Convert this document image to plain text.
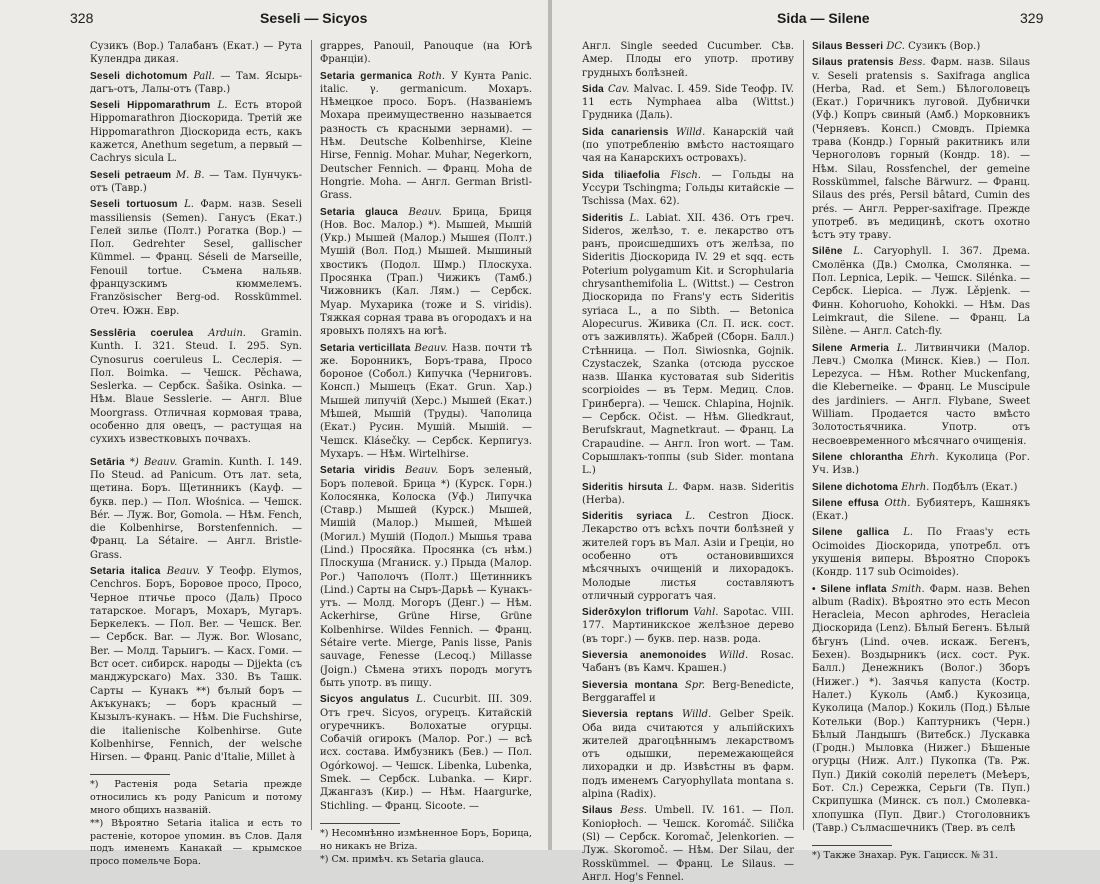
328	Seseli — Sicyos

Сузикъ (Вор.) Талабанъ (Екат.) — Рута Кулендра дикая.

Seseli dichotomum Pall. — Там. Ясырь-дагъ-отъ, Лалы-отъ (Тавр.)

Seseli Hippomarathrum L. Есть второй Hippomarathron Діоскорида. Третій же Hippomarathron Діоскорида есть, какъ кажется, Anethum segetum, а первый — Cachrys sicula L.

Seseli petraeum M. B. — Там. Пунчукъ-отъ (Тавр.)

Seseli tortuosum L. Фарм. назв. Seseli massiliensis (Semen). Ганусъ (Екат.) Гелей зилье (Полт.) Рогатка (Вор.) — Пол. Gedrehter Sesel, gallischer Kümmel. — Франц. Séseli de Marseille, Fenouil tortue. Съмена нальяв. французскимъ кюммелемъ. Französischer Berg-od. Rosskümmel. Отеч. Южн. Евр.

Sesslēria coerulea Arduin. Gramin. Kunth. I. 321. Steud. I. 295. Syn. Cynosurus coeruleus L. Сеслерія. — Пол. Boimka. — Чешск. Pěchawa, Seslerka. — Сербск. Šašika. Osinka. — Нѣм. Blaue Sesslerie. — Англ. Blue Moorgrass. Отличная кормовая трава, особенно для овецъ, — растущая на сухихъ известковыхъ почвахъ.

Setāria *) Beauv. Gramin. Kunth. I. 149. По Steud. ad Panicum. Отъ лат. seta, щетина. Боръ. Щетинникъ (Кауф. — букв. пер.) — Пол. Włośnica. — Чешск. Bér. — Луж. Bor, Gomola. — Нѣм. Fench, die Kolbenhirse, Borstenfennich. — Франц. La Sétaire. — Англ. Bristle-Grass.

Setaria italica Beauv. У Теофр. Elymos, Cenchros. Боръ, Боровое просо, Просо, Черное птичье просо (Даль) Просо татарское. Могаръ, Мохаръ, Мугаръ. Беркелекъ. — Пол. Ber. — Чешск. Ber. — Сербск. Bar. — Луж. Bor. Wlosanc, Ber. — Молд. Тарыигъ. — Касх. Гоми. — Вст осет. сибирск. народы — Djjekta (съ манджурскаго) Max. 330. Въ Ташк. Сарты — Кунакъ **) бълый боръ — Акъкунакъ; — боръ красный — Кызылъ-кунакъ. — Нѣм. Die Fuchshirse, die italienische Kolbenhirse. Gute Kolbenhirse, Fennich, der welsche Hirsen. — Франц. Panic d'Italie, Millet à

*) Растенія рода Setaria прежде относились къ роду Panicum и потому много общихъ названій.

**) Вѣроятно Setaria italica и есть то растеніе, которое упомин. въ Слов. Даля подъ именемъ Канакай — крымское просо помельче Бора.

grappes, Panouil, Panouque (на Югѣ Франціи).

Setaria germanica Roth. У Кунта Panic. italic. γ. germanicum. Мохаръ. Нѣмецкое просо. Боръ. (Названіемъ Мохара преимущественно называется разность съ красными зернами). — Нѣм. Deutsche Kolbenhirse, Kleine Hirse, Fennig. Mohar. Muhar, Negerkorn, Deutscher Fennich. — Франц. Moha de Hongrie. Moha. — Англ. German Bristl-Grass.

Setaria glauca Beauv. Брица, Бриця (Нов. Вос. Малор.) *). Мышей, Мышій (Укр.) Мышей (Малор.) Мышея (Полт.) Мушій (Вол. Под.) Мышей. Мышиный хвостикъ (Подол. Шмр.) Плоскуха. Просянка (Трап.) Чижикъ (Тамб.) Чижовникъ (Кал. Лям.) — Сербск. Муар. Мухарика (тоже и S. viridis). Тяжкая сорная трава въ огородахъ и на яровыхъ поляхъ на югѣ.

Setaria verticillata Beauv. Назв. почти тѣ же. Боронникъ, Боръ-трава, Просо бороное (Собол.) Кипучка (Черниговъ. Консп.) Мышецъ (Екат. Grun. Хар.) Мышей липучій (Херс.) Мышей (Екат.) Мѣшей, Мышій (Труды). Чаполица (Екат.) Русин. Мушій. Мышій. — Чешск. Klásečky. — Сербск. Керпигуз. Мухаръ. — Нѣм. Wirtelhirse.

Setaria viridis Beauv. Боръ зеленый, Боръ полевой. Брица *) (Курск. Горн.) Колосянка, Колоска (Уф.) Липучка (Ставр.) Мышей (Курск.) Мышей, Мишій (Малор.) Мышей, Мѣшей (Могил.) Мушій (Подол.) Мышья трава (Lind.) Просяйка. Просянка (съ нѣм.) Плоскуша (Мганиск. у.) Прыда (Малор. Рог.) Чаполочъ (Полт.) Щетинникъ (Lind.) Сарты на Сыръ-Дарьѣ — Кунакъ-утъ. — Молд. Могоръ (Денг.) — Нѣм. Ackerhirse, Grüne Hirse, Grüne Kolbenhirse. Wildes Fennich. — Франц. Sétaire verte. Mierge, Panis lisse, Panis sauvage, Fenesse (Lecoq.) Millasse (Joign.) Сѣмена этихъ породъ могутъ быть употр. въ пищу.

Sicyos angulatus L. Cucurbit. III. 309. Отъ греч. Sicyos, огурецъ. Китайскій огуречникъ. Волохатые огурцы. Собачій огирокъ (Малор. Рог.) — всѣ исх. состава. Имбузникъ (Бев.) — Пол. Ogórkowoj. — Чешск. Libenka, Lubenka, Smek. — Сербск. Lubanka. — Кирг. Джангазъ (Кир.) — Нѣм. Haargurke, Stichling. — Франц. Sicoote. —

*) Несомнѣнно измѣненное Боръ, Борица, но никакъ не Briza.

*) См. примѣч. къ Setaria glauca.

Sida — Silene	329

Англ. Single seeded Cucumber. Сѣв. Амер. Плоды его употр. противу грудныхъ болѣзней.

Sida Cav. Malvac. I. 459. Side Теофр. IV. 11 есть Nymphaea alba (Wittst.) Грудника (Даль).

Sida canariensis Willd. Канарскій чай (по употребленію вмѣсто настоящаго чая на Канарскихъ островахъ).

Sida tiliaefolia Fisch. — Гольды на Уссури Tschingma; Гольды китайскіе — Tschissa (Max. 62).

Sideritis L. Labiat. XII. 436. Отъ греч. Sideros, желѣзо, т. е. лекарство отъ ранъ, происшедшихъ отъ желѣза, по Sideritis Діоскорида IV. 29 et sqq. есть Poterium polygamum Kit. и Scrophularia chrysanthemifolia L. (Wittst.) — Cestron Діоскорида по Frans'у есть Sideritis syriaca L., а по Sibth. — Betonica Alopecurus. Живика (Сл. П. иск. сост. отъ заживлять). Жабрей (Сборн. Балл.) Стѣнница. — Пол. Siwiosnka, Gojnik. Czystaczek, Szanka (отсюда русское назв. Шанка кустоватая sub Sideritis scorpioides — въ Терм. Медиц. Слов. Гринберга). — Чешск. Chlapina, Hojnik. — Сербск. Očist. — Нѣм. Gliedkraut, Berufskraut, Magnetkraut. — Франц. La Crapaudine. — Англ. Iron wort. — Там. Сорышлакъ-топпы (sub Sider. montana L.)

Sideritis hirsuta L. Фарм. назв. Sideritis (Herba).

Sideritis syriaca L. Cestron Діоск. Лекарство отъ всѣхъ почти болѣзней у жителей горъ въ Мал. Азіи и Греціи, но особенно отъ остановившихся мѣсячныхъ очищеній и лихорадокъ. Молодые листья составляютъ отличный суррогатъ чая.

Siderōxylon triflorum Vahl. Sapotac. VIII. 177. Мартиникское желѣзное дерево (въ торг.) — букв. пер. назв. рода.

Sieversia anemonoides Willd. Rosac. Чабанъ (въ Камч. Крашен.)

Sieversia montana Spr. Berg-Benedicte, Berggaraffel и

Sieversia reptans Willd. Gelber Speik. Оба вида считаются у альпійскихъ жителей драгоцѣннымъ лекарствомъ отъ одышки, перемежающейся лихорадки и др. Извѣстны въ фарм. подъ именемъ Caryophyllata montana s. alpina (Radix).

Silaus Bess. Umbell. IV. 161. — Пол. Koniopłoch. — Чешск. Koromáč. Silička (Sl) — Сербск. Koromač, Jelenkorien. — Луж. Skoromoč. — Нѣм. Der Silau, der Rosskümmel. — Франц. Le Silaus. — Англ. Hog's Fennel.

Silaus Besseri DC. Сузикъ (Вор.)

Silaus pratensis Bess. Фарм. назв. Silaus v. Seseli pratensis s. Saxifraga anglica (Herba, Rad. et Sem.) Бѣлоголовецъ (Екат.) Горичникъ луговой. Дубнички (Уф.) Копръ свиный (Амб.) Морковникъ (Черняевъ. Консп.) Смовдъ. Пріемка трава (Кондр.) Горный ракитникъ или Черноголовъ горный (Кондр. 18). — Нѣм. Silau, Rossfenchel, der gemeine Rosskümmel, falsche Bärwurz. — Франц. Silaus des prés, Persil bâtard, Cumin des prés. — Англ. Pepper-saxifrage. Прежде употреб. въ медицинѣ, скотъ охотно ѣстъ эту траву.

Silēne L. Caryophyll. I. 367. Дрема. Смолёнка (Дв.) Смолка, Смолянка. — Пол. Lepnica, Lepik. — Чешск. Silénka. — Сербск. Liepica. — Луж. Lěpjenk. — Финн. Kohoruoho, Kohokki. — Нѣм. Das Leimkraut, die Silene. — Франц. La Silène. — Англ. Catch-fly.

Silene Armeria L. Литвинчики (Малор. Левч.) Смолка (Минск. Кіев.) — Пол. Lepezyca. — Нѣм. Rother Muckenfang, die Kleberneike. — Франц. Le Muscipule des jardiniers. — Англ. Flybane, Sweet William. Продается часто вмѣсто Золотостьячника. Употр. отъ несвоевременного мѣсячнаго очищенія.

Silene chlorantha Ehrh. Куколица (Рог. Уч. Изв.)

Silene dichotoma Ehrh. Подбѣлъ (Екат.)

Silene effusa Otth. Бубиятеръ, Кашнякъ (Екат.)

Silene gallica L. По Fraas'у есть Ocimoides Діоскорида, употребл. отъ укушенія виперы. Вѣроятно Спорокъ (Кондр. 117 sub Ocimoides).

• Silene inflata Smith. Фарм. назв. Behen album (Radix). Вѣроятно это есть Mecon Heracleia, Mecon aphrodes, Heracleia Діоскорида (Lenz). Бѣлый Бегенъ. Бѣлый бѣгунъ (Lind. очев. искаж. Бегенъ, Бехен). Воздырникъ (исх. сост. Рук. Балл.) Денежникъ (Волог.) Зборъ (Нижег.) *). Заячья капуста (Костр. Налет.) Куколь (Амб.) Кукозица, Куколица (Малор.) Кокиль (Под.) Бѣлые Котельки (Вор.) Каптурникъ (Черн.) Бѣлый Ландышъ (Витебск.) Лускавка (Гродн.) Мыловка (Нижег.) Бѣшеные огурцы (Ниж. Алт.) Пукопка (Тв. Рж. Пуп.) Дикій соколій перелетъ (Меѣеръ, Бот. Сл.) Сережка, Серьги (Тв. Пуп.) Скрипушка (Минск. съ пол.) Смолевка-хлопушка (Пуп. Двиг.) Стоголовникъ (Тавр.) Сълмасшечникъ (Твер. въ селѣ

*) Также Знахар. Рук. Гацисск. № 31.
